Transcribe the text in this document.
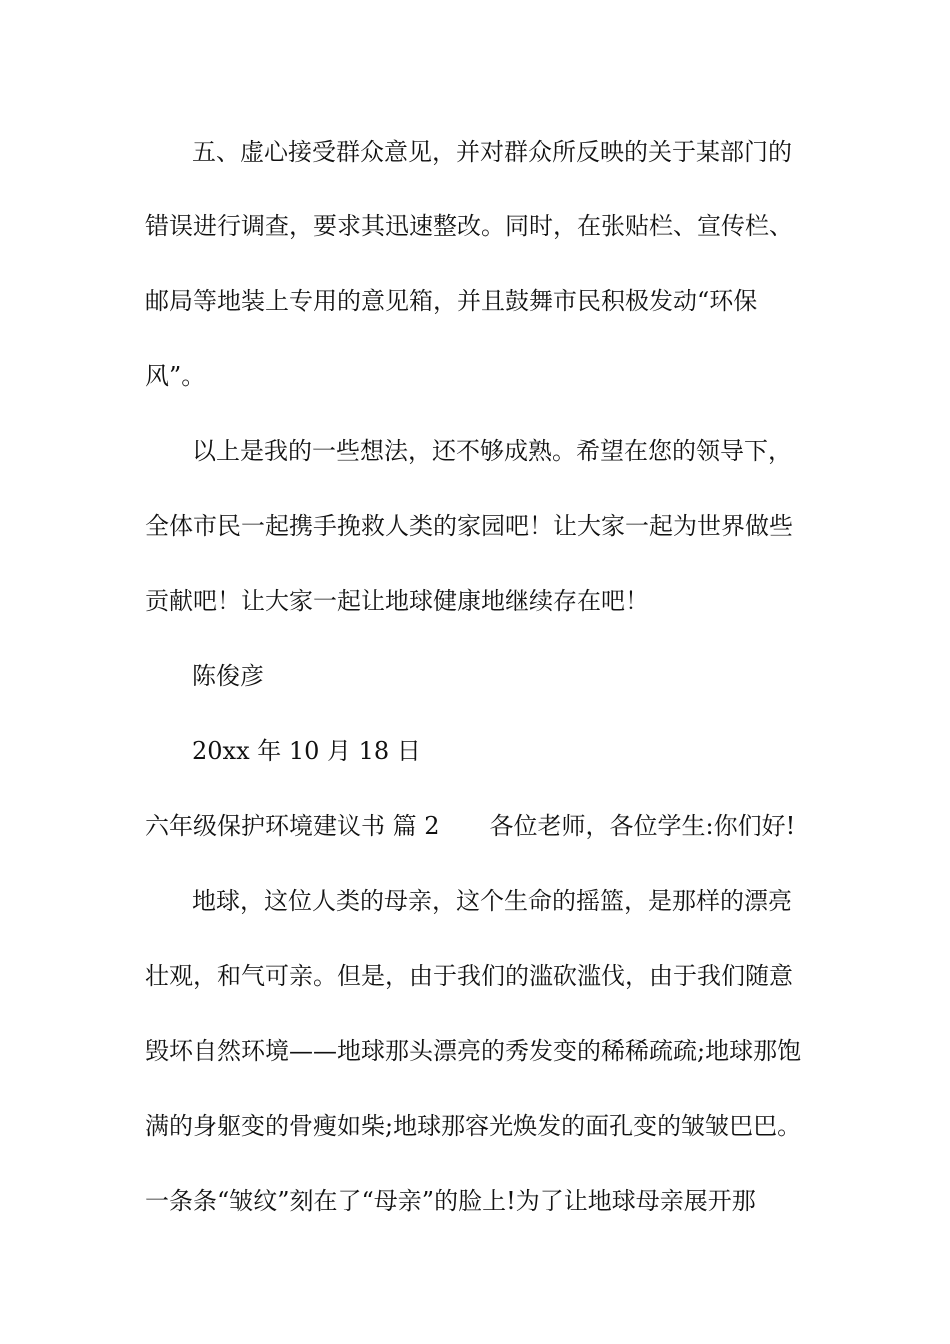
五、虚心接受群众意见，并对群众所反映的关于某部门的
错误进行调查，要求其迅速整改。同时，在张贴栏、宣传栏、
邮局等地装上专用的意见箱，并且鼓舞市民积极发动“环保
风”。
以上是我的一些想法，还不够成熟。希望在您的领导下，
全体市民一起携手挽救人类的家园吧！让大家一起为世界做些
贡献吧！让大家一起让地球健康地继续存在吧！
陈俊彦
20xx 年 10 月 18 日
六年级保护环境建议书 篇 2 各位老师，各位学生:你们好!
地球，这位人类的母亲，这个生命的摇篮，是那样的漂亮
壮观，和气可亲。但是，由于我们的滥砍滥伐，由于我们随意
毁坏自然环境——地球那头漂亮的秀发变的稀稀疏疏;地球那饱
满的身躯变的骨瘦如柴;地球那容光焕发的面孔变的皱皱巴巴。
一条条“皱纹”刻在了“母亲”的脸上!为了让地球母亲展开那
